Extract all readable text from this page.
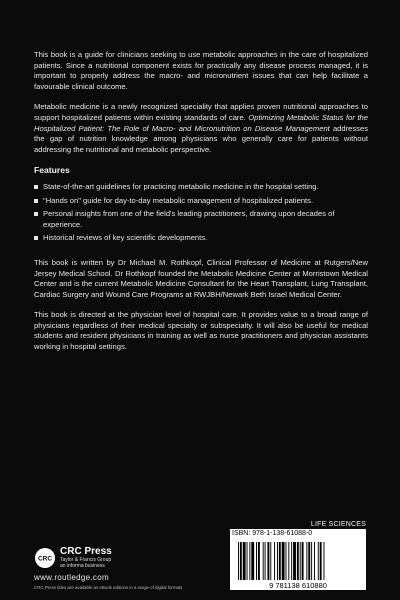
This book is a guide for clinicians seeking to use metabolic approaches in the care of hospitalized patients. Since a nutritional component exists for practically any disease process managed, it is important to properly address the macro- and micronutrient issues that can help facilitate a favourable clinical outcome.

Metabolic medicine is a newly recognized speciality that applies proven nutritional approaches to support hospitalized patients within existing standards of care. Optimizing Metabolic Status for the Hospitalized Patient: The Role of Macro- and Micronutrition on Disease Management addresses the gap of nutrition knowledge among physicians who generally care for patients without addressing the nutritional and metabolic perspective.

Features
State-of-the-art guidelines for practicing metabolic medicine in the hospital setting.
"Hands on" guide for day-to-day metabolic management of hospitalized patients.
Personal insights from one of the field's leading practitioners, drawing upon decades of experience.
Historical reviews of key scientific developments.

This book is written by Dr Michael M. Rothkopf, Clinical Professor of Medicine at Rutgers/New Jersey Medical School. Dr Rothkopf founded the Metabolic Medicine Center at Morristown Medical Center and is the current Metabolic Medicine Consultant for the Heart Transplant, Lung Transplant, Cardiac Surgery and Wound Care Programs at RWJBH/Newark Beth Israel Medical Center.

This book is directed at the physician level of hospital care. It provides value to a broad range of physicians regardless of their medical specialty or subspecialty. It will also be useful for medical students and resident physicians in training as well as nurse practitioners and physician assistants working in hospital settings.

CRC
CRC Press
Taylor & Francis Group
an informa business
www.routledge.com
CRC Press titles are available as eBook editions in a range of digital formats
LIFE SCIENCES
ISBN: 978-1-138-61088-0
9 781138 610880
